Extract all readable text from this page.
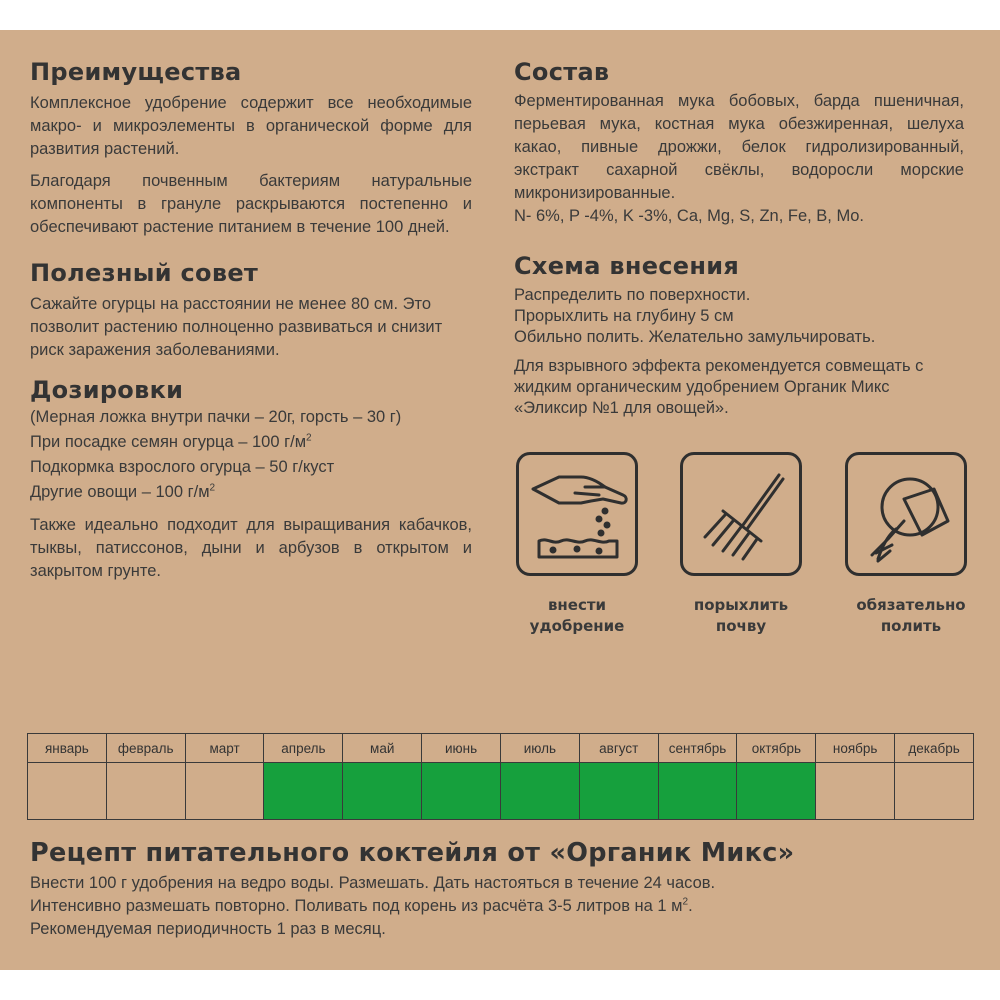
Преимущества

Комплексное удобрение содержит все необходимые макро- и микроэлементы в органической форме для развития растений.

Благодаря почвенным бактериям натуральные компоненты в грануле раскрываются постепенно и обеспечивают растение питанием в течение 100 дней.

Полезный совет

Сажайте огурцы на расстоянии не менее 80 см. Это позволит растению полноценно развиваться и снизит риск заражения заболеваниями.

Дозировки

(Мерная ложка внутри пачки – 20г, горсть – 30 г)

При посадке семян огурца – 100 $г/м^2$

Подкормка взрослого огурца – 50 г/куст

Другие овощи – 100 $г/м^2$

Также идеально подходит для выращивания кабачков, тыквы, патиссонов, дыни и арбузов в открытом и закрытом грунте.

Состав

Ферментированная мука бобовых, барда пшеничная, перьевая мука, костная мука обезжиренная, шелуха какао, пивные дрожжи, белок гидролизированный, экстракт сахарной свёклы, водоросли морские микронизированные.

N- 6%, P -4%, K -3%, Ca, Mg, S, Zn, Fe, B, Mo.

Схема внесения

Распределить по поверхности.

Прорыхлить на глубину 5 см

Обильно полить. Желательно замульчировать.

Для взрывного эффекта рекомендуется совмещать с жидким органическим удобрением Органик Микс «Эликсир №1 для овощей».

внести
удобрение
порыхлить
почву
обязательно
полить
январь	февраль	март	апрель	май	июнь	июль	август	сентябрь	октябрь	ноябрь	декабрь

Рецепт питательного коктейля от «Органик Микс»

Внести 100 г удобрения на ведро воды. Размешать. Дать настояться в течение 24 часов.

Интенсивно размешать повторно. Поливать под корень из расчёта 3-5 литров на 1 $м^2$.

Рекомендуемая периодичность 1 раз в месяц.
